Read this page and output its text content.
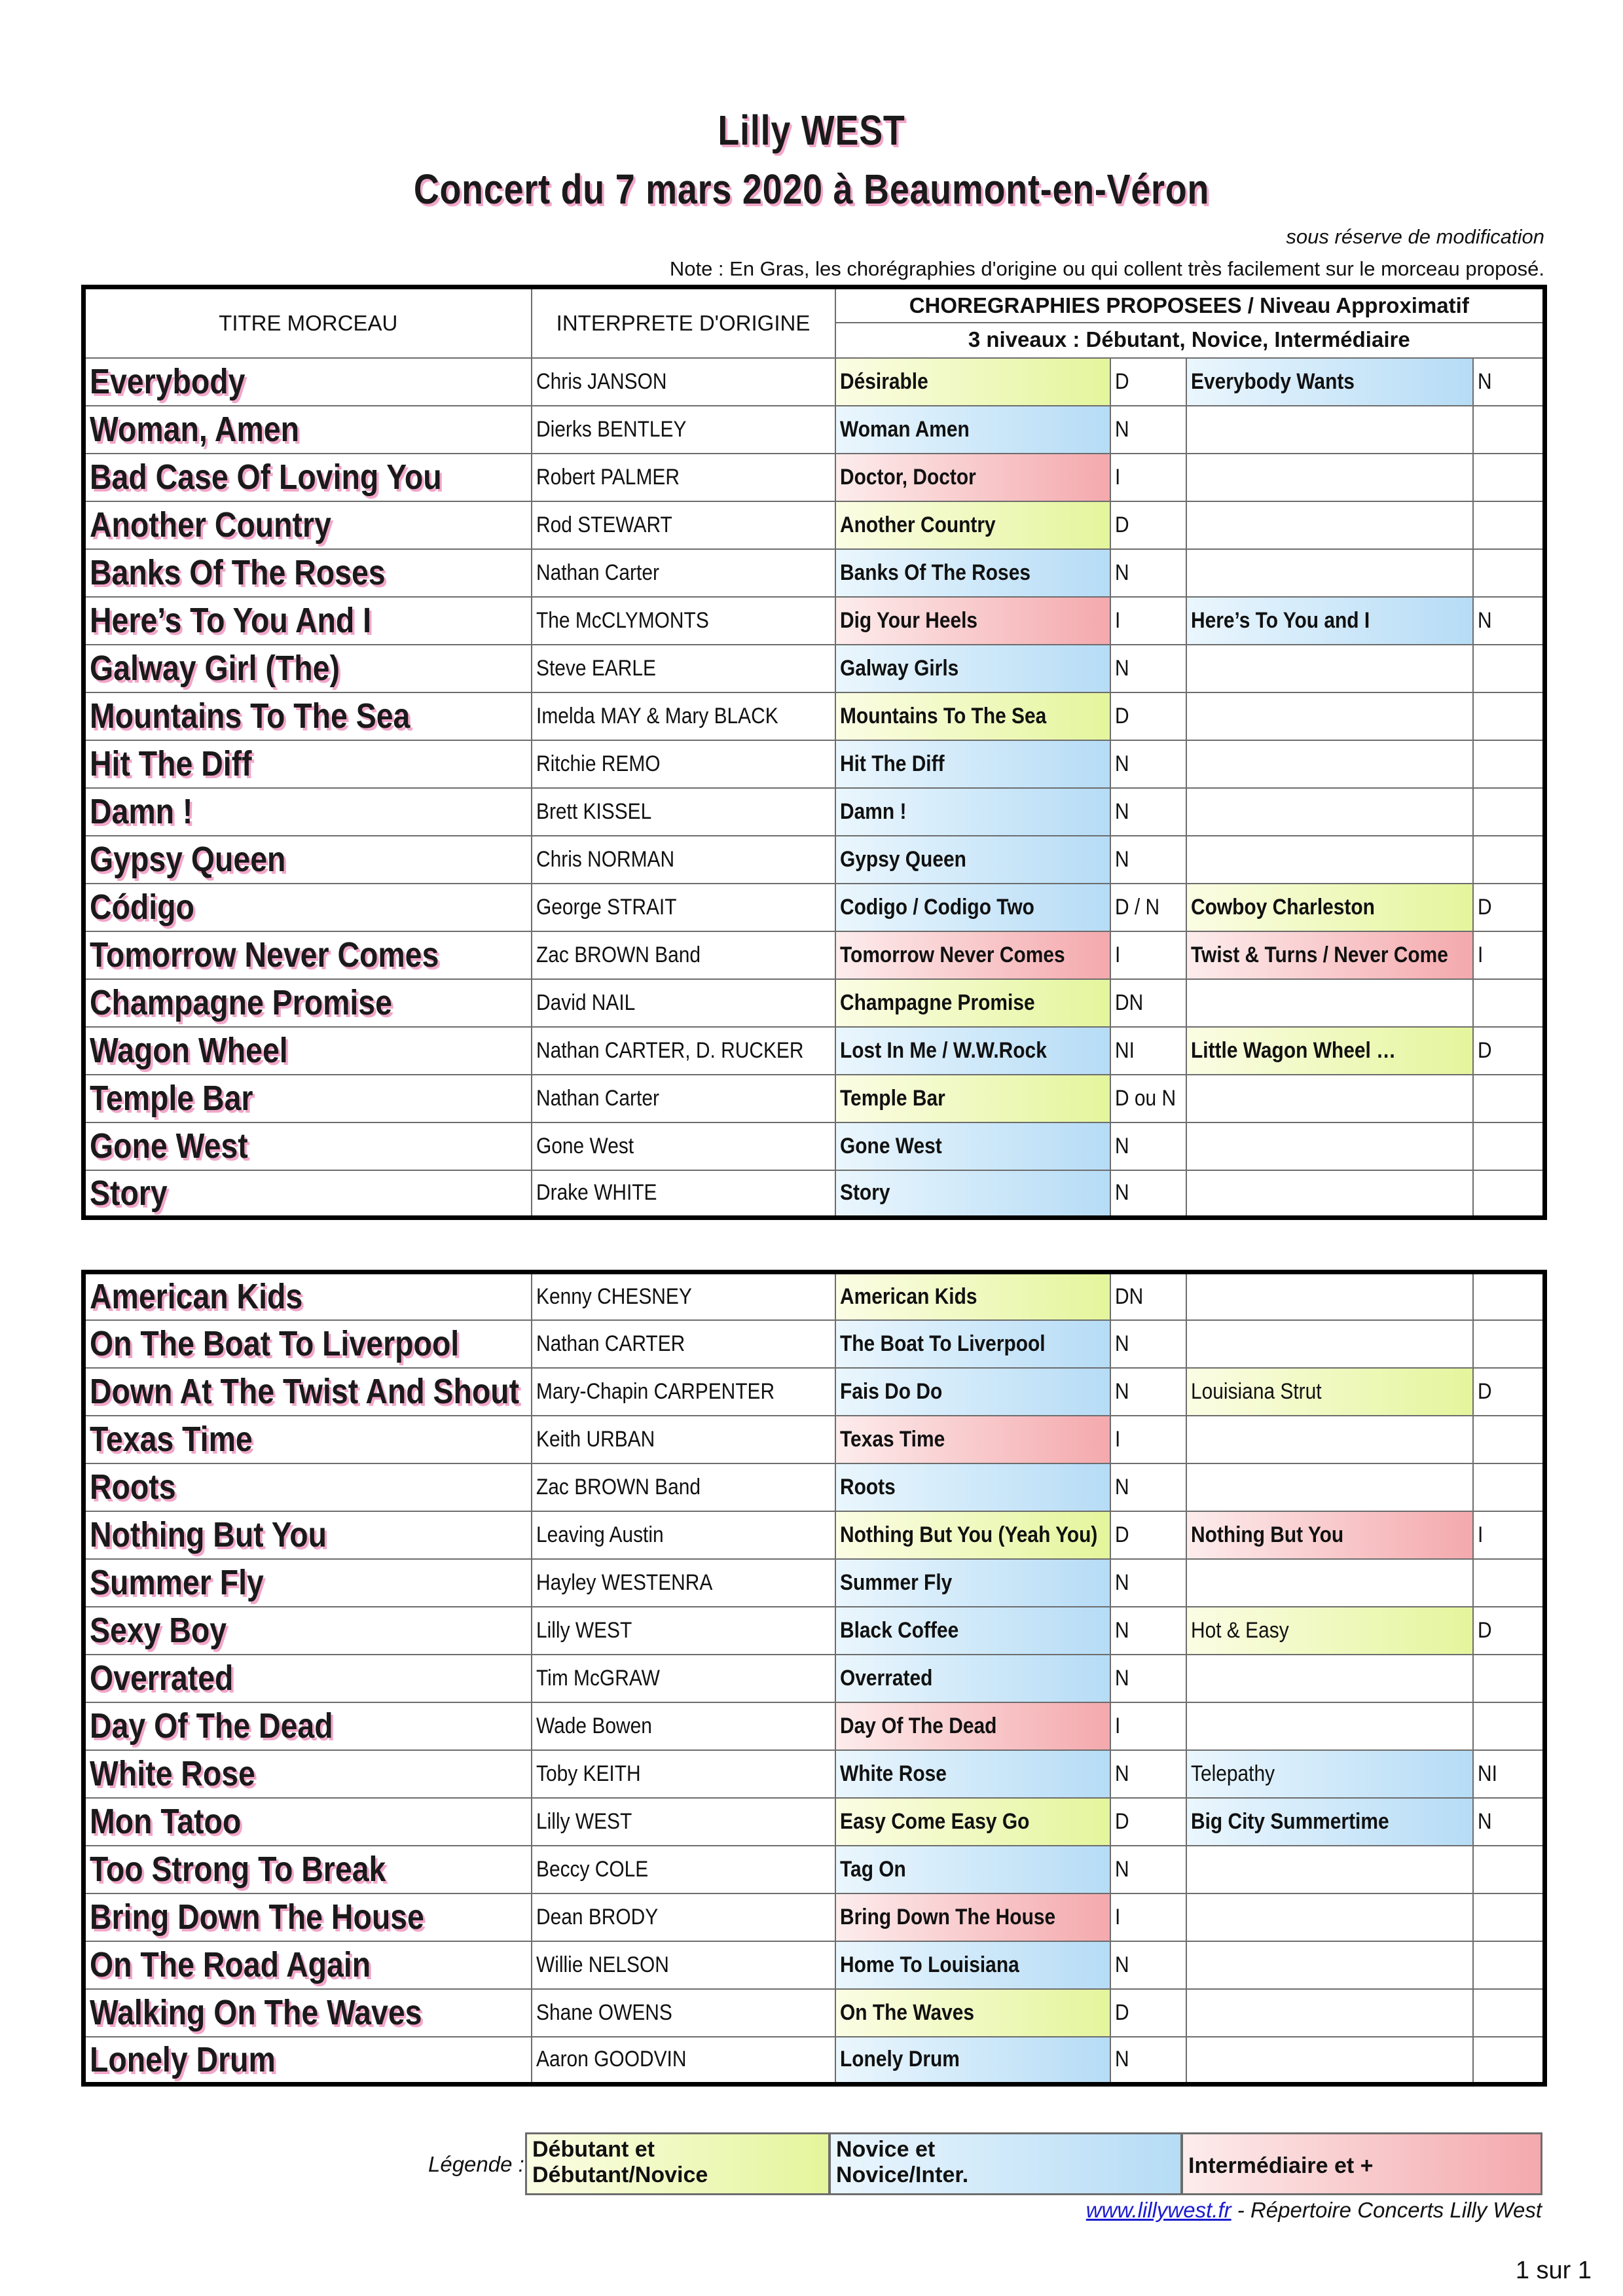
Lilly WEST
Concert du 7 mars 2020 à Beaumont-en-Véron
sous réserve de modification
Note : En Gras, les chorégraphies d'origine ou qui collent très facilement sur le morceau proposé.
TITRE MORCEAU	INTERPRETE D'ORIGINE	CHOREGRAPHIES PROPOSEES / Niveau Approximatif
3 niveaux : Débutant, Novice, Intermédiaire			

Everybody	Chris JANSON	Désirable	D	Everybody Wants	N
Woman, Amen	Dierks BENTLEY	Woman Amen	N		
Bad Case Of Loving You	Robert PALMER	Doctor, Doctor	I		
Another Country	Rod STEWART	Another Country	D		
Banks Of The Roses	Nathan Carter	Banks Of The Roses	N		
Here’s To You And I	The McCLYMONTS	Dig Your Heels	I	Here’s To You and I	N
Galway Girl (The)	Steve EARLE	Galway Girls	N		
Mountains To The Sea	Imelda MAY & Mary BLACK	Mountains To The Sea	D		
Hit The Diff	Ritchie REMO	Hit The Diff	N		
Damn !	Brett KISSEL	Damn !	N		
Gypsy Queen	Chris NORMAN	Gypsy Queen	N		
Código	George STRAIT	Codigo / Codigo Two	D / N	Cowboy Charleston	D
Tomorrow Never Comes	Zac BROWN Band	Tomorrow Never Comes	I	Twist & Turns / Never Come	I
Champagne Promise	David NAIL	Champagne Promise	DN		
Wagon Wheel	Nathan CARTER, D. RUCKER	Lost In Me / W.W.Rock	NI	Little Wagon Wheel …	D
Temple Bar	Nathan Carter	Temple Bar	D ou N		
Gone West	Gone West	Gone West	N		
Story	Drake WHITE	Story	N		
American Kids	Kenny CHESNEY	American Kids	DN		
On The Boat To Liverpool	Nathan CARTER	The Boat To Liverpool	N		
Down At The Twist And Shout	Mary-Chapin CARPENTER	Fais Do Do	N	Louisiana Strut	D
Texas Time	Keith URBAN	Texas Time	I		
Roots	Zac BROWN Band	Roots	N		
Nothing But You	Leaving Austin	Nothing But You (Yeah You)	D	Nothing But You	I
Summer Fly	Hayley WESTENRA	Summer Fly	N		
Sexy Boy	Lilly WEST	Black Coffee	N	Hot & Easy	D
Overrated	Tim McGRAW	Overrated	N		
Day Of The Dead	Wade Bowen	Day Of The Dead	I		
White Rose	Toby KEITH	White Rose	N	Telepathy	NI
Mon Tatoo	Lilly WEST	Easy Come Easy Go	D	Big City Summertime	N
Too Strong To Break	Beccy COLE	Tag On	N		
Bring Down The House	Dean BRODY	Bring Down The House	I		
On The Road Again	Willie NELSON	Home To Louisiana	N		
Walking On The Waves	Shane OWENS	On The Waves	D		
Lonely Drum	Aaron GOODVIN	Lonely Drum	N		
Légende :
Débutant et
Débutant/Novice
Novice et
Novice/Inter.	Intermédiaire et +
www.lillywest.fr - Répertoire Concerts Lilly West
1 sur 1
